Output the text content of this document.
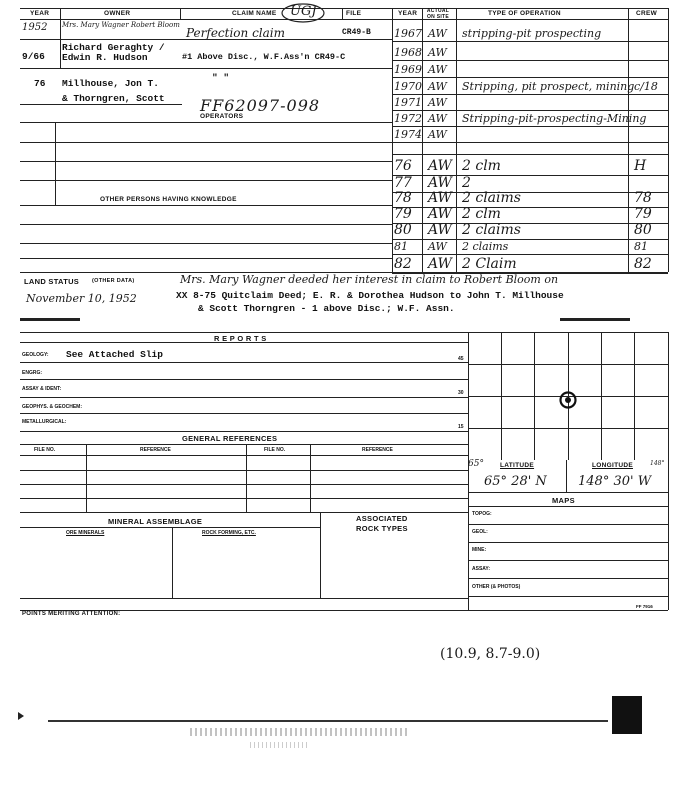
YEAR	OWNER	CLAIM NAME UGJ	FILE	YEAR	ACTUAL ON SITE	TYPE OF OPERATION	CREW
1952 Mrs. Mary Wagner Robert Bloom
Perfection claim	CR49-B
9/66
Richard Geraghty / Edwin R. Hudson	#1 Above Disc., W.F.Ass'n CR49-C
76 Millhouse, Jon T.
" "
& Thorngren, Scott FF62097-098
OPERATORS
OTHER PERSONS HAVING KNOWLEDGE
1967 AW stripping-pit prospecting
1968 AW
1969 AW
1970 AW Stripping, pit prospect, mining c/18
1971 AW
1972 AW Stripping-pit-prospecting-Mining
1974 AW
76 AW 2 clm	H
77 AW 2
78 AW 2 claims	78
79 AW 2 clm	79
80 AW 2 claims	80
81 AW 2 claims	81
82 AW 2 Claim	82
LAND STATUS (OTHER DATA)	Mrs. Mary Wagner deeded her interest in claim to Robert Bloom on
November 10, 1952	XX 8-75 Quitclaim Deed; E. R. & Dorothea Hudson to John T. Millhouse
& Scott Thorngren - 1 above Disc.; W.F. Assn.
R E P O R T S
GEOLOGY: See Attached Slip	45
ENGRG:
ASSAY & IDENT:
30
GEOPHYS. & GEOCHEM:
METALLURGICAL:
15
GENERAL REFERENCES
FILE NO.	REFERENCE	FILE NO.	REFERENCE
65° LATITUDE	LONGITUDE	148°
65° 28' N 148° 30' W
MAPS
TOPOG:
GEOL:
MINE:
ASSAY:
OTHER (& PHOTOS)
MINERAL ASSEMBLAGE	ASSOCIATED
ROCK TYPES
ORE MINERALS	ROCK FORMING, ETC.
POINTS MERITING ATTENTION:
FF 7916
(10.9, 8.7-9.0)
